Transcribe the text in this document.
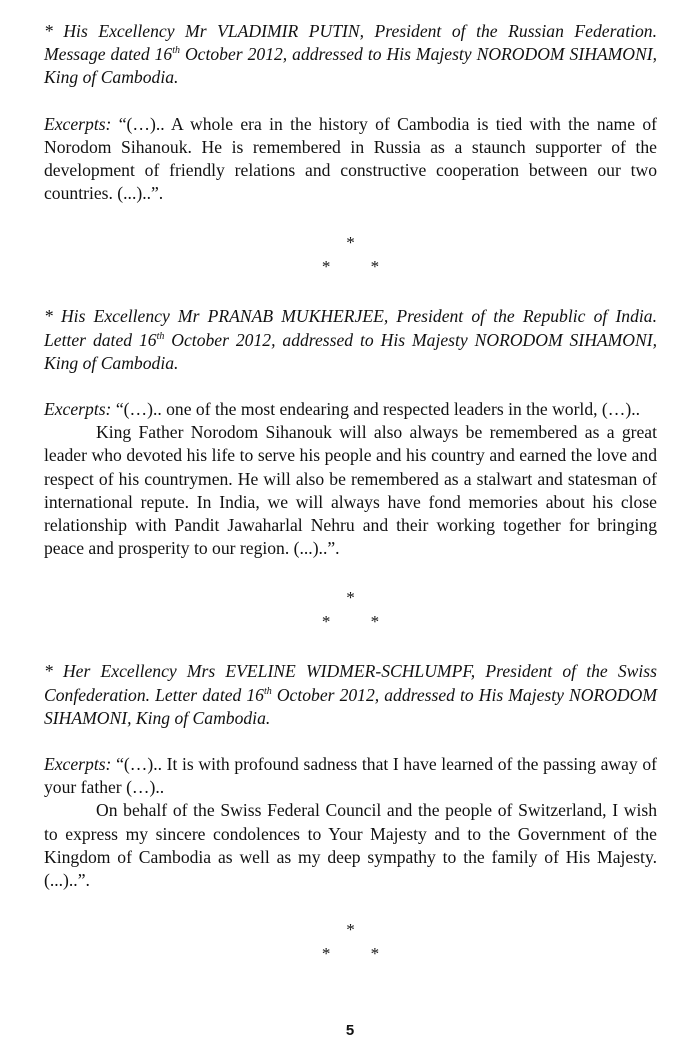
* His Excellency Mr VLADIMIR PUTIN, President of the Russian Federation. Message dated 16th October 2012, addressed to His Majesty NORODOM SIHAMONI, King of Cambodia.

Excerpts: “(…).. A whole era in the history of Cambodia is tied with the name of Norodom Sihanouk. He is remembered in Russia as a staunch supporter of the development of friendly relations and constructive cooperation between our two countries. (...)..”.

*

* *

* His Excellency Mr PRANAB MUKHERJEE, President of the Republic of India. Letter dated 16th October 2012, addressed to His Majesty NORODOM SIHAMONI, King of Cambodia.

Excerpts: “(…).. one of the most endearing and respected leaders in the world, (…)..

King Father Norodom Sihanouk will also always be remembered as a great leader who devoted his life to serve his people and his country and earned the love and respect of his countrymen. He will also be remembered as a stalwart and statesman of international repute. In India, we will always have fond memories about his close relationship with Pandit Jawaharlal Nehru and their working together for bringing peace and prosperity to our region. (...)..”.

*

* *

* Her Excellency Mrs EVELINE WIDMER-SCHLUMPF, President of the Swiss Confederation. Letter dated 16th October 2012, addressed to His Majesty NORODOM SIHAMONI, King of Cambodia.

Excerpts: “(…).. It is with profound sadness that I have learned of the passing away of your father (…)..

On behalf of the Swiss Federal Council and the people of Switzerland, I wish to express my sincere condolences to Your Majesty and to the Government of the Kingdom of Cambodia as well as my deep sympathy to the family of His Majesty. (...)..”.

*

* *

5
